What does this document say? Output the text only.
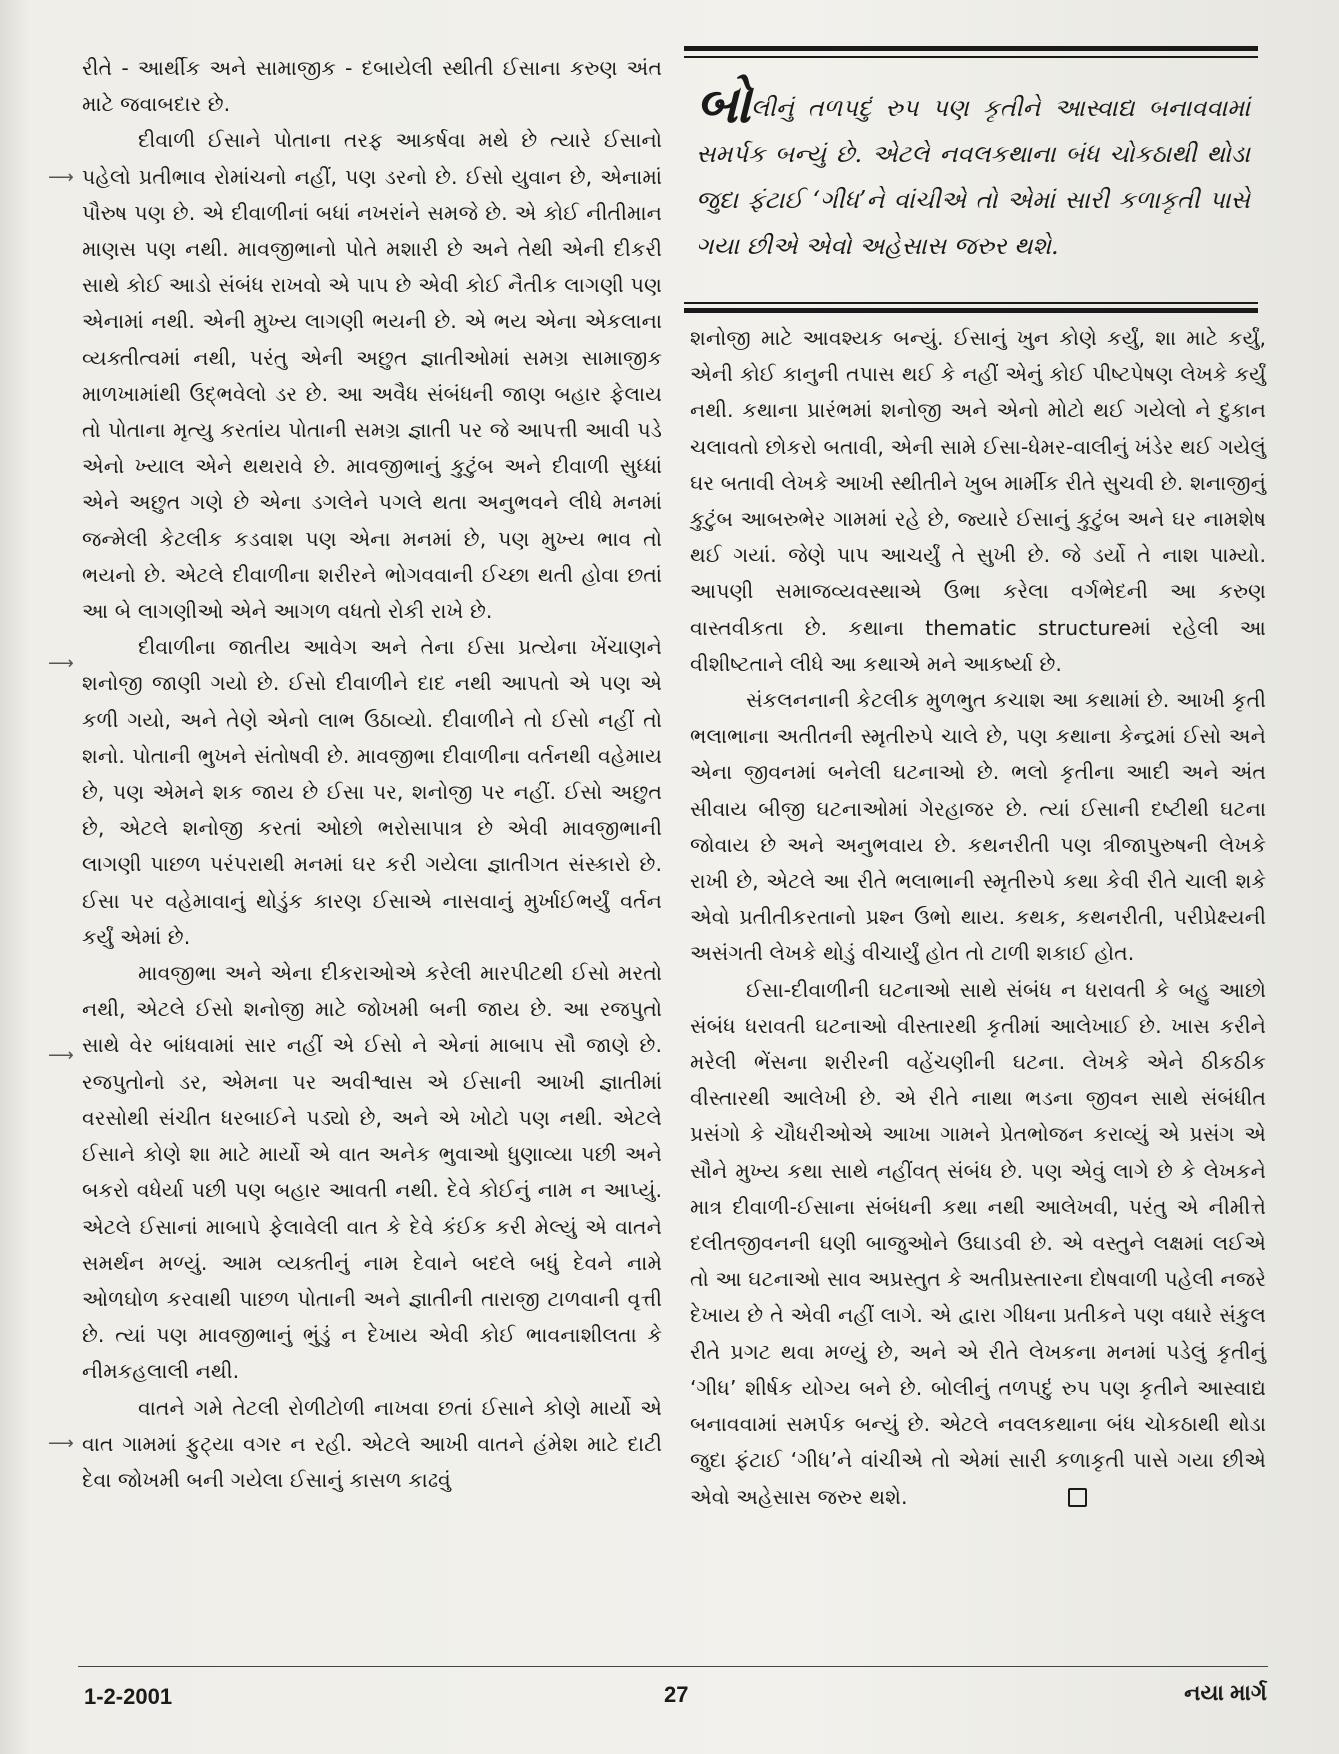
⟶
⟶
⟶
⟶

રીતે - આર્થીક અને સામાજીક - દબાયેલી સ્થીતી ઈસાના કરુણ અંત માટે જવાબદાર છે.

દીવાળી ઈસાને પોતાના તરફ આકર્ષવા મથે છે ત્યારે ઈસાનો પહેલો પ્રતીભાવ રોમાંચનો નહીં, પણ ડરનો છે. ઈસો યુવાન છે, એનામાં પૌરુષ પણ છે. એ દીવાળીનાં બધાં નખરાંને સમજે છે. એ કોઈ નીતીમાન માણસ પણ નથી. માવજીભાનો પોતે મશારી છે અને તેથી એની દીકરી સાથે કોઈ આડો સંબંધ રાખવો એ પાપ છે એવી કોઈ નૈતીક લાગણી પણ એનામાં નથી. એની મુખ્ય લાગણી ભયની છે. એ ભય એના એકલાના વ્યક્તીત્વમાં નથી, પરંતુ એની અછુત જ્ઞાતીઓમાં સમગ્ર સામાજીક માળખામાંથી ઉદ્ભવેલો ડર છે. આ અવૈધ સંબંધની જાણ બહાર ફેલાય તો પોતાના મૃત્યુ કરતાંય પોતાની સમગ્ર જ્ઞાતી પર જે આપત્તી આવી પડે એનો ખ્યાલ એને થથરાવે છે. માવજીભાનું કુટુંબ અને દીવાળી સુધ્ધાં એને અછુત ગણે છે એના ડગલેને પગલે થતા અનુભવને લીધે મનમાં જન્મેલી કેટલીક કડવાશ પણ એના મનમાં છે, પણ મુખ્ય ભાવ તો ભયનો છે. એટલે દીવાળીના શરીરને ભોગવવાની ઈચ્છા થતી હોવા છતાં આ બે લાગણીઓ એને આગળ વધતો રોકી રાખે છે.

દીવાળીના જાતીય આવેગ અને તેના ઈસા પ્રત્યેના ખેંચાણને શનોજી જાણી ગયો છે. ઈસો દીવાળીને દાદ નથી આપતો એ પણ એ કળી ગયો, અને તેણે એનો લાભ ઉઠાવ્યો. દીવાળીને તો ઈસો નહીં તો શનો. પોતાની ભુખને સંતોષવી છે. માવજીભા દીવાળીના વર્તનથી વહેમાય છે, પણ એમને શક જાય છે ઈસા પર, શનોજી પર નહીં. ઈસો અછુત છે, એટલે શનોજી કરતાં ઓછો ભરોસાપાત્ર છે એવી માવજીભાની લાગણી પાછળ પરંપરાથી મનમાં ઘર કરી ગયેલા જ્ઞાતીગત સંસ્કારો છે. ઈસા પર વહેમાવાનું થોડુંક કારણ ઈસાએ નાસવાનું મુર્ખાઈભર્યું વર્તન કર્યું એમાં છે.

માવજીભા અને એના દીકરાઓએ કરેલી મારપીટથી ઈસો મરતો નથી, એટલે ઈસો શનોજી માટે જોખમી બની જાય છે. આ રજપુતો સાથે વેર બાંધવામાં સાર નહીં એ ઈસો ને એનાં માબાપ સૌ જાણે છે. રજપુતોનો ડર, એમના પર અવીશ્વાસ એ ઈસાની આખી જ્ઞાતીમાં વરસોથી સંચીત ધરબાઈને પડ્યો છે, અને એ ખોટો પણ નથી. એટલે ઈસાને કોણે શા માટે માર્યો એ વાત અનેક ભુવાઓ ધુણાવ્યા પછી અને બકરો વધેર્યા પછી પણ બહાર આવતી નથી. દેવે કોઈનું નામ ન આપ્યું. એટલે ઈસાનાં માબાપે ફેલાવેલી વાત કે દેવે કંઈક કરી મેલ્યું એ વાતને સમર્થન મળ્યું. આમ વ્યક્તીનું નામ દેવાને બદલે બધું દેવને નામે ઓળઘોળ કરવાથી પાછળ પોતાની અને જ્ઞાતીની તારાજી ટાળવાની વૃત્તી છે. ત્યાં પણ માવજીભાનું ભુંડું ન દેખાય એવી કોઈ ભાવનાશીલતા કે નીમકહલાલી નથી.

વાતને ગમે તેટલી રોળીટોળી નાખવા છતાં ઈસાને કોણે માર્યો એ વાત ગામમાં ફુટ્યા વગર ન રહી. એટલે આખી વાતને હંમેશ માટે દાટી દેવા જોખમી બની ગયેલા ઈસાનું કાસળ કાઢવું

બોલીનું તળપદું રુપ પણ કૃતીને આસ્વાદ્ય બનાવવામાં સમર્પક બન્યું છે. એટલે નવલકથાના બંધ ચોકઠાથી થોડા જુદા ફંટાઈ ‘ગીધ’ને વાંચીએ તો એમાં સારી કળાકૃતી પાસે ગયા છીએ એવો અહેસાસ જરુર થશે.

શનોજી માટે આવશ્યક બન્યું. ઈસાનું ખુન કોણે કર્યું, શા માટે કર્યું, એની કોઈ કાનુની તપાસ થઈ કે નહીં એનું કોઈ પીષ્ટપેષણ લેખકે કર્યું નથી. કથાના પ્રારંભમાં શનોજી અને એનો મોટો થઈ ગયેલો ને દુકાન ચલાવતો છોકરો બતાવી, એની સામે ઈસા-ધેમર-વાલીનું ખંડેર થઈ ગયેલું ઘર બતાવી લેખકે આખી સ્થીતીને ખુબ માર્મીક રીતે સુચવી છે. શનાજીનું કુટુંબ આબરુભેર ગામમાં રહે છે, જ્યારે ઈસાનું કુટુંબ અને ઘર નામશેષ થઈ ગયાં. જેણે પાપ આચર્યું તે સુખી છે. જે ડર્યો તે નાશ પામ્યો. આપણી સમાજવ્યવસ્થાએ ઉભા કરેલા વર્ગભેદની આ કરુણ વાસ્તવીકતા છે. કથાના thematic structureમાં રહેલી આ વીશીષ્ટતાને લીધે આ કથાએ મને આકર્ષ્યા છે.

સંકલનનાની કેટલીક મુળભુત કચાશ આ કથામાં છે. આખી કૃતી ભલાભાના અતીતની સ્મૃતીરુપે ચાલે છે, પણ કથાના કેન્દ્રમાં ઈસો અને એના જીવનમાં બનેલી ઘટનાઓ છે. ભલો કૃતીના આદી અને અંત સીવાય બીજી ઘટનાઓમાં ગેરહાજર છે. ત્યાં ઈસાની દષ્ટીથી ઘટના જોવાય છે અને અનુભવાય છે. કથનરીતી પણ ત્રીજાપુરુષની લેખકે રાખી છે, એટલે આ રીતે ભલાભાની સ્મૃતીરુપે કથા કેવી રીતે ચાલી શકે એવો પ્રતીતીકરતાનો પ્રશ્ન ઉભો થાય. કથક, કથનરીતી, પરીપ્રેક્ષ્યની અસંગતી લેખકે થોડું વીચાર્યું હોત તો ટાળી શકાઈ હોત.

ઈસા-દીવાળીની ઘટનાઓ સાથે સંબંધ ન ધરાવતી કે બહુ આછો સંબંધ ધરાવતી ઘટનાઓ વીસ્તારથી કૃતીમાં આલેખાઈ છે. ખાસ કરીને મરેલી ભેંસના શરીરની વહેંચણીની ઘટના. લેખકે એને ઠીકઠીક વીસ્તારથી આલેખી છે. એ રીતે નાથા ભડના જીવન સાથે સંબંધીત પ્રસંગો કે ચૌધરીઓએ આખા ગામને પ્રેતભોજન કરાવ્યું એ પ્રસંગ એ સૌને મુખ્ય કથા સાથે નહીંવત્ સંબંધ છે. પણ એવું લાગે છે કે લેખકને માત્ર દીવાળી-ઈસાના સંબંધની કથા નથી આલેખવી, પરંતુ એ નીમીત્તે દલીતજીવનની ઘણી બાજુઓને ઉઘાડવી છે. એ વસ્તુને લક્ષમાં લઈએ તો આ ઘટનાઓ સાવ અપ્રસ્તુત કે અતીપ્રસ્તારના દોષવાળી પહેલી નજરે દેખાય છે તે એવી નહીં લાગે. એ દ્વારા ગીધના પ્રતીકને પણ વધારે સંકુલ રીતે પ્રગટ થવા મળ્યું છે, અને એ રીતે લેખકના મનમાં પડેલું કૃતીનું ‘ગીધ’ શીર્ષક યોગ્ય બને છે. બોલીનું તળપદું રુપ પણ કૃતીને આસ્વાદ્ય બનાવવામાં સમર્પક બન્યું છે. એટલે નવલકથાના બંધ ચોકઠાથી થોડા જુદા ફંટાઈ ‘ગીધ’ને વાંચીએ તો એમાં સારી કળાકૃતી પાસે ગયા છીએ એવો અહેસાસ જરુર થશે.

1-2-2001	27	નયા માર્ગ
